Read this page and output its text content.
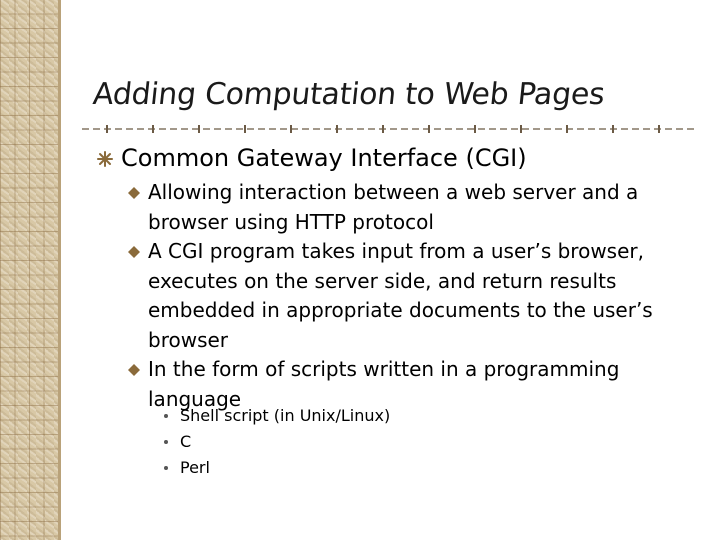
Adding Computation to Web Pages
Common Gateway Interface (CGI)
Allowing interaction between a web server and a browser using HTTP protocol
A CGI program takes input from a user’s browser, executes on the server side, and return results embedded in appropriate documents to the user’s browser
In the form of scripts written in a programming language
Shell script (in Unix/Linux)
C
Perl
